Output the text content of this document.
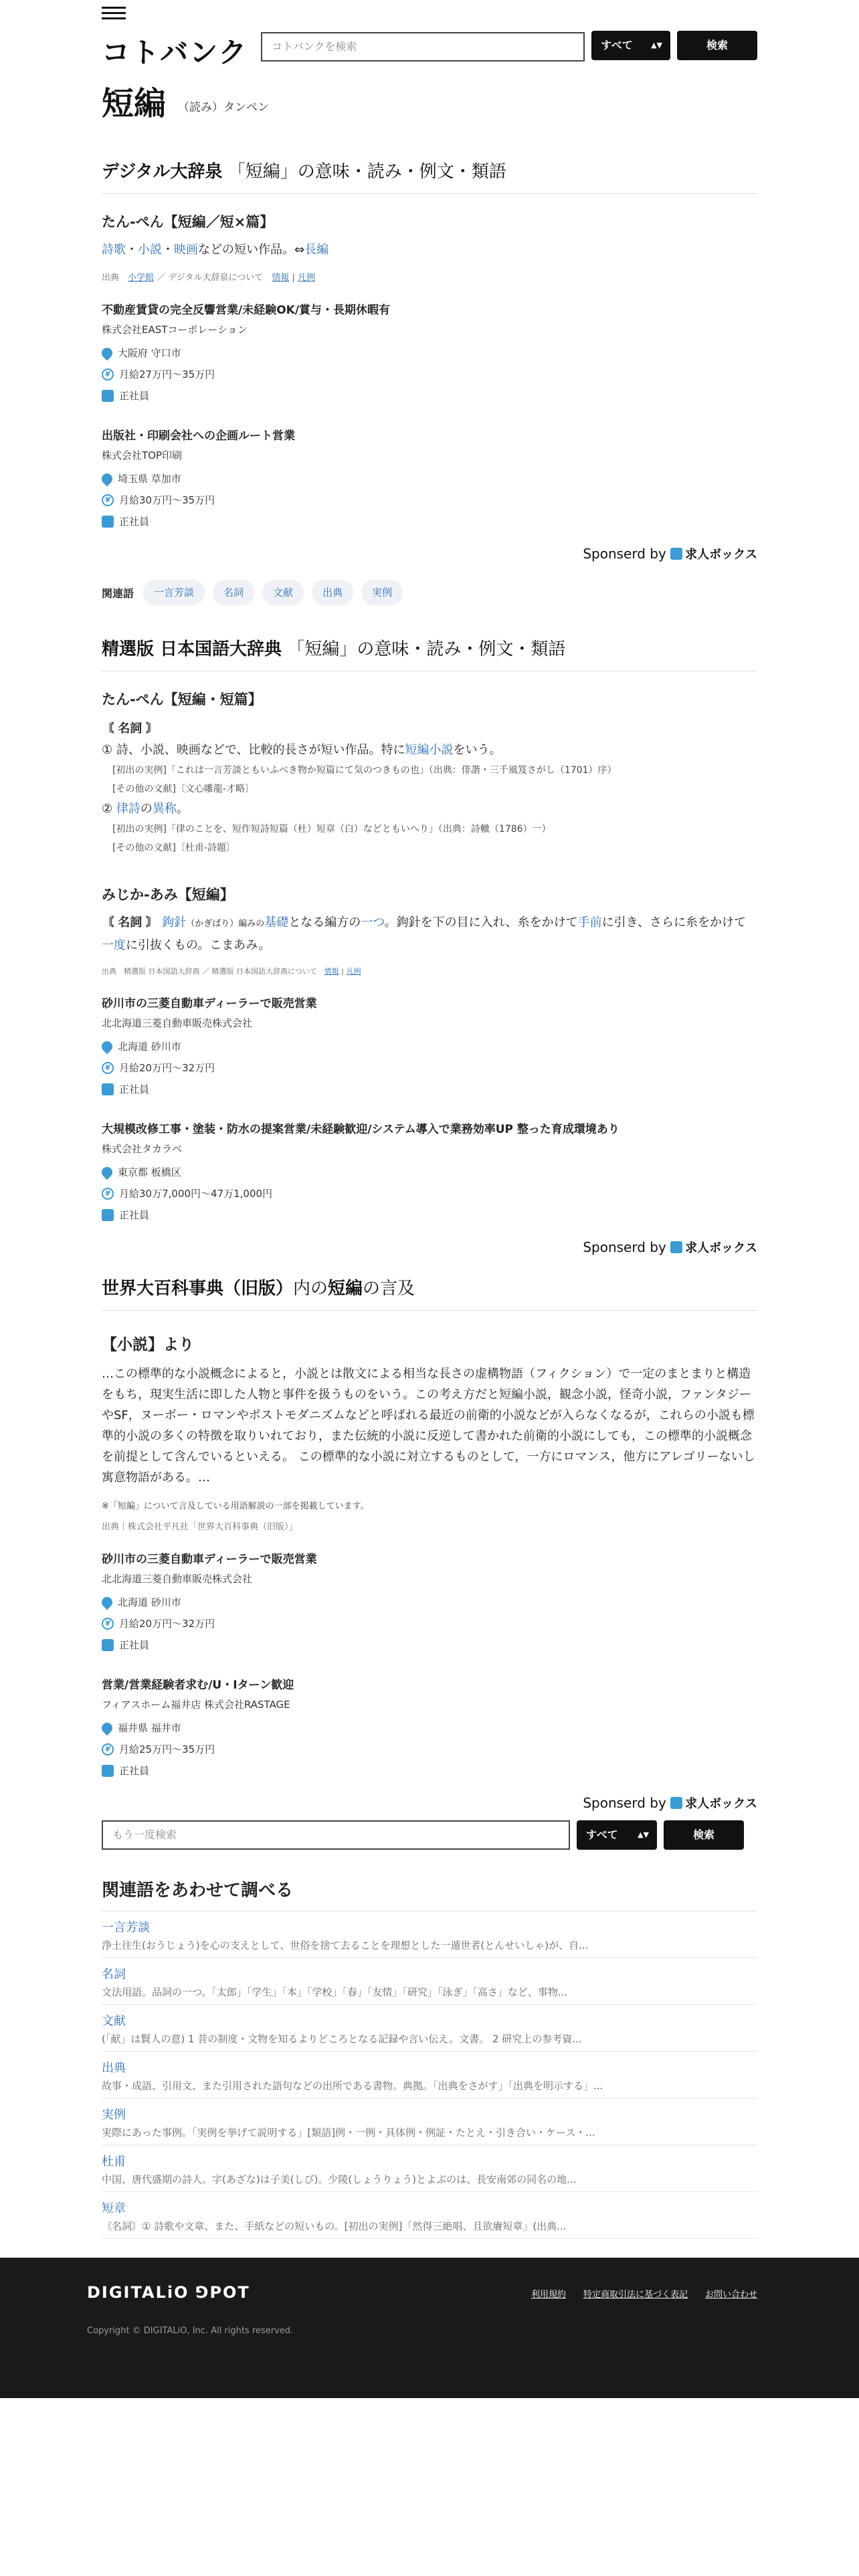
コトバンク	コトバンクを検索	すべて ▲▼	検索
短編 （読み）タンペン
デジタル大辞泉 「短編」の意味・読み・例文・類語
たん‐ぺん【短編／短×篇】
詩歌・小説・映画などの短い作品。⇔長編
出典　 小学館 ／ デジタル大辞泉について　 情報 | 凡例
不動産賃貸の完全反響営業/未経験OK/賞与・長期休暇有
株式会社EASTコーポレーション
大阪府 守口市
¥ 月給27万円〜35万円
正社員
出版社・印刷会社への企画ルート営業
株式会社TOP印刷
埼玉県 草加市
¥ 月給30万円〜35万円
正社員
Sponserd by 求人ボックス
関連語	一言芳談	名詞	文献	出典	実例
精選版 日本国語大辞典 「短編」の意味・読み・例文・類語
たん‐ぺん【短編・短篇】
〘 名詞 〙
① 詩、小説、映画などで、比較的長さが短い作品。特に短編小説をいう。
[初出の実例]「これは一言芳談ともいふべき物か短篇にて気のつきもの也」（出典：俳諧・三千風笈さがし（1701）序）
[その他の文献]〔文心雕龍-才略〕
② 律詩の異称。
[初出の実例]「律のことを、短作短詩短篇（杜）短章（白）などともいへり」（出典：詩轍（1786）一）
[その他の文献]〔杜甫-詩題〕
みじか‐あみ【短編】
〘 名詞 〙 鉤針（かぎばり）編みの基礎となる編方の一つ。鉤針を下の目に入れ、糸をかけて手前に引き、さらに糸をかけて一度に引抜くもの。こまあみ。
出典　 精選版 日本国語大辞典 ／ 精選版 日本国語大辞典について　 情報 | 凡例
砂川市の三菱自動車ディーラーで販売営業
北北海道三菱自動車販売株式会社
北海道 砂川市
¥ 月給20万円〜32万円
正社員
大規模改修工事・塗装・防水の提案営業/未経験歓迎/システム導入で業務効率UP 整った育成環境あり
株式会社タカラベ
東京都 板橋区
¥ 月給30万7,000円〜47万1,000円
正社員
Sponserd by 求人ボックス
世界大百科事典（旧版）内の短編の言及
【小説】より
…この標準的な小説概念によると，小説とは散文による相当な長さの虚構物語（フィクション）で一定のまとまりと構造をもち，現実生活に即した人物と事件を扱うものをいう。この考え方だと短編小説，観念小説，怪奇小説，ファンタジーやSF，ヌーボー・ロマンやポストモダニズムなどと呼ばれる最近の前衛的小説などが入らなくなるが，これらの小説も標準的小説の多くの特徴を取りいれており，また伝統的小説に反逆して書かれた前衛的小説にしても，この標準的小説概念を前提として含んでいるといえる。 この標準的な小説に対立するものとして，一方にロマンス，他方にアレゴリーないし寓意物語がある。…
※「短編」について言及している用語解説の一部を掲載しています。
出典｜株式会社平凡社「世界大百科事典（旧版）」
砂川市の三菱自動車ディーラーで販売営業
北北海道三菱自動車販売株式会社
北海道 砂川市
¥ 月給20万円〜32万円
正社員
営業/営業経験者求む/U・Iターン歓迎
フィアスホーム福井店 株式会社RASTAGE
福井県 福井市
¥ 月給25万円〜35万円
正社員
Sponserd by 求人ボックス
もう一度検索	すべて	▲▼	検索
関連語をあわせて調べる
一言芳談
浄土往生(おうじょう)を心の支えとして、世俗を捨て去ることを理想とした一遁世者(とんせいしゃ)が、自...
名詞
文法用語。品詞の一つ。「太郎」「学生」「本」「学校」「春」「友情」「研究」「泳ぎ」「高さ」など、事物...
文献
(「献」は賢人の意) 1 昔の制度・文物を知るよりどころとなる記録や言い伝え。文書。 2 研究上の参考資...
出典
故事・成語、引用文、また引用された語句などの出所である書物。典拠。「出典をさがす」「出典を明示する」...
実例
実際にあった事例。「実例を挙げて説明する」[類語]例・一例・具体例・例証・たとえ・引き合い・ケース・...
杜甫
中国、唐代盛期の詩人。字(あざな)は子美(しび)。少陵(しょうりょう)とよぶのは、長安南郊の同名の地...
短章
〘名詞〙① 詩歌や文章、また、手紙などの短いもの。[初出の実例]「然得三絶唱、且欲賡短章」(出典...
DIGITALiO ⅁POT	利用規約 特定商取引法に基づく表記 お問い合わせ
Copyright © DIGITALiO, Inc. All rights reserved.
